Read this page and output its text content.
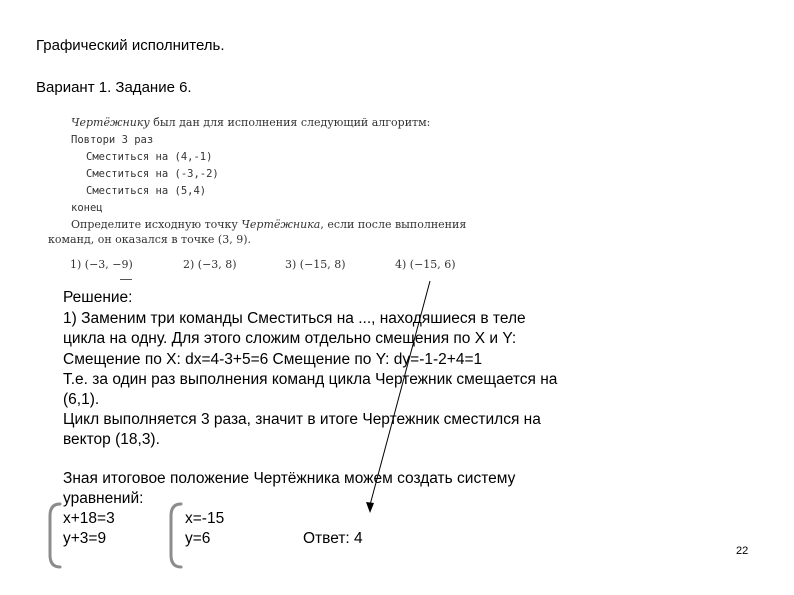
Графический исполнитель.
Вариант 1. Задание 6.
Чертёжнику был дан для исполнения следующий алгоритм:
Повтори 3 раз
Сместиться на (4,-1)
Сместиться на (-3,-2)
Сместиться на (5,4)
конец
Определите исходную точку Чертёжника, если после выполнения
команд, он оказался в точке (3, 9).
1) (−3, −9)	2) (−3, 8)	3) (−15, 8)	4) (−15, 6)
Решение:
1) Заменим три команды Сместиться на ..., находяшиеся в теле
цикла на одну. Для этого сложим отдельно смещения по X и Y:
Смещение по X: dx=4-3+5=6 Смещение по Y: dy=-1-2+4=1
Т.е. за один раз выполнения команд цикла Чертежник смещается на
(6,1).
Цикл выполняется 3 раза, значит в итоге Чертежник сместился на
вектор (18,3).
Зная итоговое положение Чертёжника можем создать систему
уравнений:
x+18=3
y+3=9
x=-15
y=6	Ответ: 4
22
